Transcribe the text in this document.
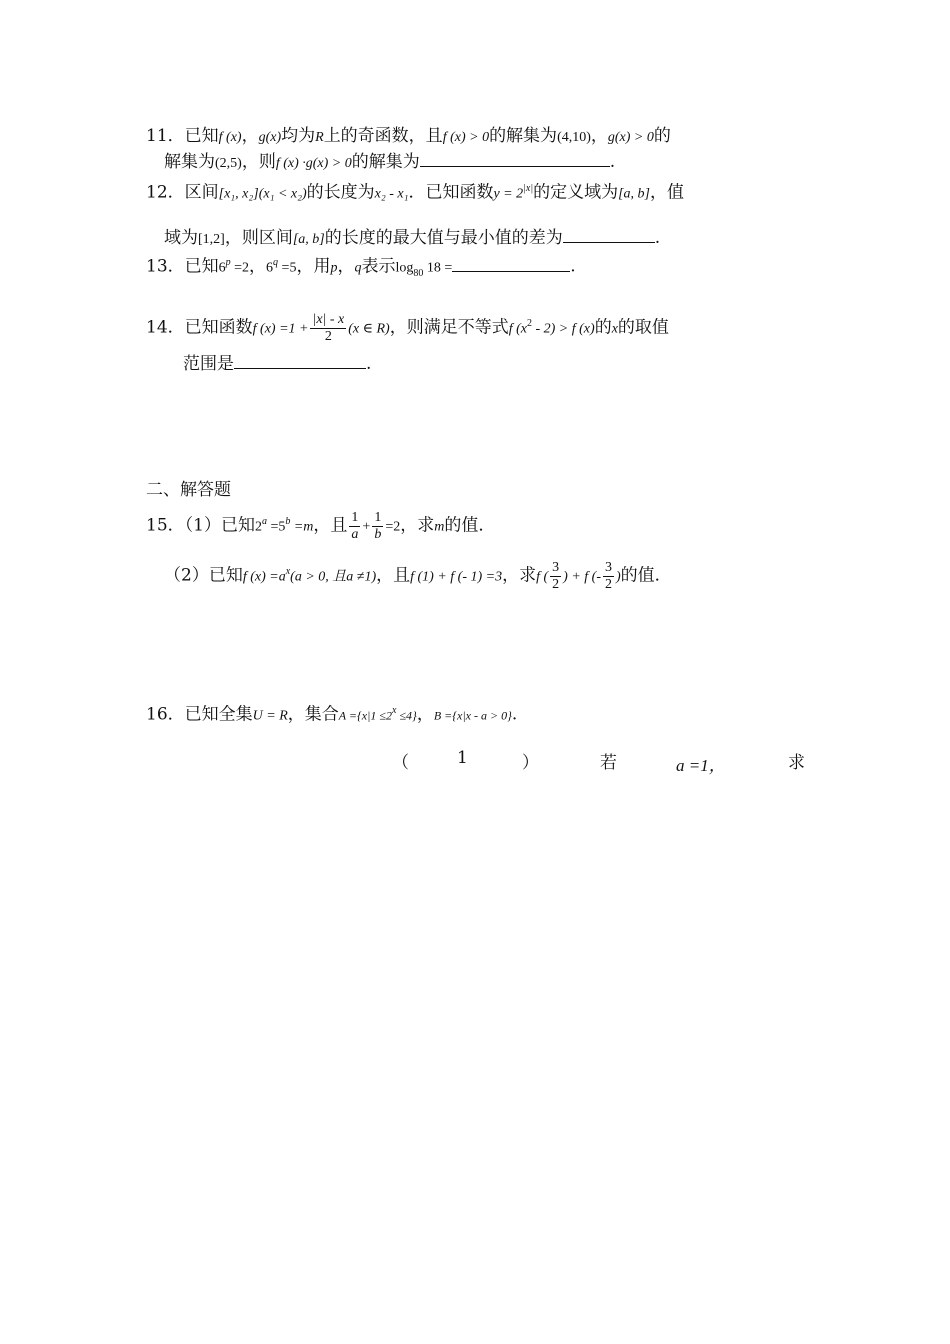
11．已知f (x)，g(x)均为R上的奇函数，且f (x) > 0的解集为(4,10)，g(x) > 0的
解集为(2,5)，则f (x) ·g(x) > 0的解集为	.
12．区间[x₁, x₂](x₁ < x₂)的长度为x₂ - x₁．已知函数$y = 2^{|x|}$的定义域为[a, b]，值
域为[1,2]，则区间[a, b]的长度的最大值与最小值的差为	.
13．已知$6^p =2$，$6^q =5$，用p，q表示$\log_{80} 18$ =	.
14．已知函数f $(x) =1 + \frac{|x| - x}{2} (x$ ∈ R)，则满足不等式f $(x^2 - 2) > f$ (x)的x的取值
范围是	.
二、解答题
15．（1）已知$2^a =5^b =m$，且 $\frac{1}{a} + \frac{1}{b} =2$，求m的值．
（2）已知f $(x) =a^x(a > 0$, 且a ≠1)，且f (1) + f (- 1) =3，求f ( $\frac{3}{2}$ ) + f (- $\frac{3}{2}$ )的值．
16．已知全集U = R，集合$A =\{x|1 \le 2^x \le 4\}$，B ={x|x - a > 0}.
（	1	）	若	a =1，	求
